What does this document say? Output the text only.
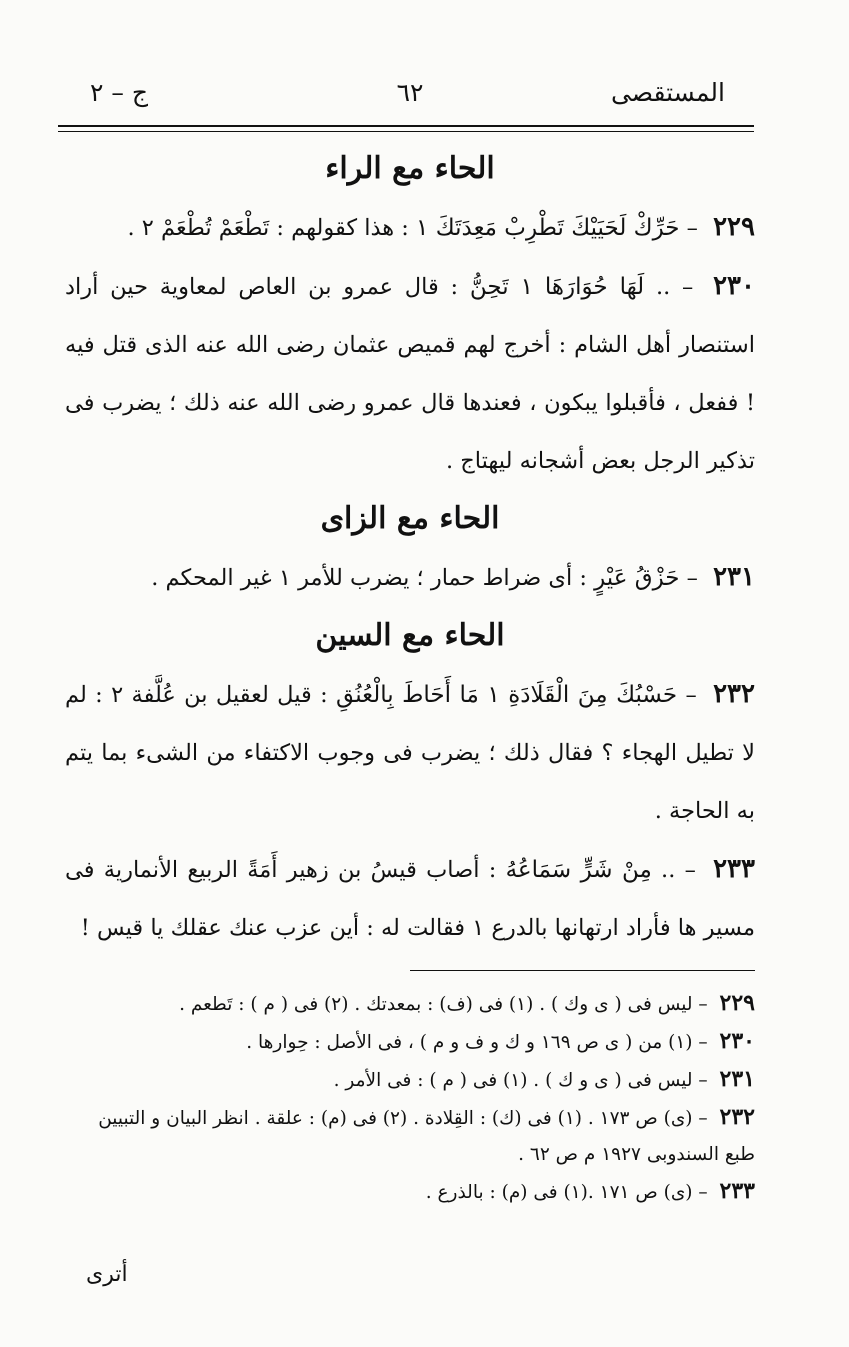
المستقصى
٦٢
ج – ٢
الحاء مع الراء

٢٢٩ – حَرِّكْ لَحَيَيْكَ تَطْرِبْ مَعِدَتَكَ ١ : هذا كقولهم : تَطْعَمْ تُطْعَمْ ٢ .

٢٣٠ – .. لَهَا حُوَارَهَا ١ تَحِنُّ : قال عمرو بن العاص لمعاوية حين أراد استنصار أهل الشام : أخرج لهم قميص عثمان رضى الله عنه الذى قتل فيه ! ففعل ، فأقبلوا يبكون ، فعندها قال عمرو رضى الله عنه ذلك ؛ يضرب فى تذكير الرجل بعض أشجانه ليهتاج .

الحاء مع الزاى

٢٣١ – حَزْقُ عَيْرٍ : أى ضراط حمار ؛ يضرب للأمر ١ غير المحكم .

الحاء مع السين

٢٣٢ – حَسْبُكَ مِنَ الْقَلَادَةِ ١ مَا أَحَاطَ بِالْعُنُقِ : قيل لعقيل بن عُلَّفة ٢ : لم لا تطيل الهجاء ؟ فقال ذلك ؛ يضرب فى وجوب الاكتفاء من الشىء بما يتم به الحاجة .

٢٣٣ – .. مِنْ شَرٍّ سَمَاعُهُ : أصاب قيسُ بن زهير أَمَةً الربيع الأنمارية فى مسير ها فأراد ارتهانها بالدرع ١ فقالت له : أين عزب عنك عقلك يا قيس !

٢٢٩ – ليس فى ( ى وك ) . (١) فى (ف) : بمعدتك . (٢) فى ( م ) : تَطعم .

٢٣٠ – (١) من ( ى ص ١٦٩ و ك و ف و م ) ، فى الأصل : حِوارها .

٢٣١ – ليس فى ( ى و ك ) . (١) فى ( م ) : فى الأمر .

٢٣٢ – (ى) ص ١٧٣ . (١) فى (ك) : القِلادة . (٢) فى (م) : علقة . انظر البيان و التبيين طبع السندوبى ١٩٢٧ م ص ٦٢ .

٢٣٣ – (ى) ص ١٧١ .(١) فى (م) : بالذرع .

أترى
